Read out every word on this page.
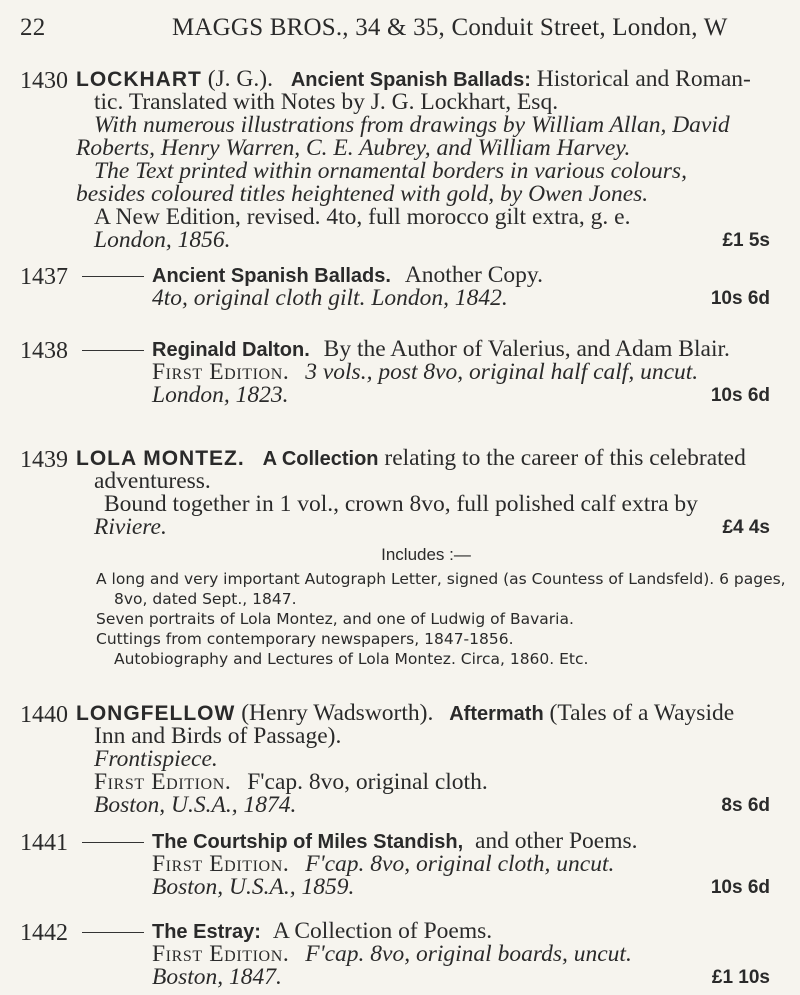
22	MAGGS BROS., 34 & 35, Conduit Street, London, W
1430 LOCKHART (J. G.). Ancient Spanish Ballads: Historical and Roman-
tic. Translated with Notes by J. G. Lockhart, Esq.
With numerous illustrations from drawings by William Allan, David
Roberts, Henry Warren, C. E. Aubrey, and William Harvey.
The Text printed within ornamental borders in various colours,
besides coloured titles heightened with gold, by Owen Jones.
A New Edition, revised. 4to, full morocco gilt extra, g. e.
London, 1856.	£1 5s
1437	Ancient Spanish Ballads. Another Copy.
4to, original cloth gilt. London, 1842.	10s 6d
1438	Reginald Dalton. By the Author of Valerius, and Adam Blair.
First Edition. 3 vols., post 8vo, original half calf, uncut.
London, 1823.	10s 6d
1439 LOLA MONTEZ. A Collection relating to the career of this celebrated
adventuress.
Bound together in 1 vol., crown 8vo, full polished calf extra by
Riviere.	£4 4s
Includes :—
A long and very important Autograph Letter, signed (as Countess of Landsfeld). 6 pages,
8vo, dated Sept., 1847.
Seven portraits of Lola Montez, and one of Ludwig of Bavaria.
Cuttings from contemporary newspapers, 1847-1856.
Autobiography and Lectures of Lola Montez. Circa, 1860. Etc.
1440 LONGFELLOW (Henry Wadsworth). Aftermath (Tales of a Wayside
Inn and Birds of Passage).
Frontispiece.
First Edition. F'cap. 8vo, original cloth.
Boston, U.S.A., 1874.	8s 6d
1441	The Courtship of Miles Standish, and other Poems.
First Edition. F'cap. 8vo, original cloth, uncut.
Boston, U.S.A., 1859.	10s 6d
1442	The Estray: A Collection of Poems.
First Edition. F'cap. 8vo, original boards, uncut.
Boston, 1847.	£1 10s
